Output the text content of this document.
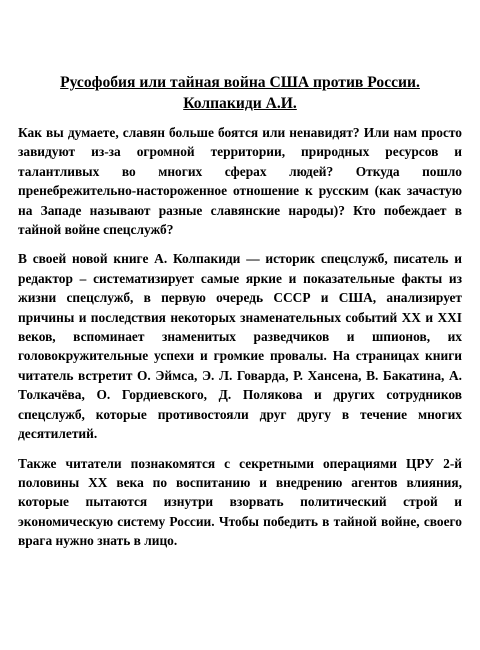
Русофобия или тайная война США против России.
Колпакиди А.И.

Как вы думаете, славян больше боятся или ненавидят? Или нам просто завидуют из-за огромной территории, природных ресурсов и талантливых во многих сферах людей? Откуда пошло пренебрежительно-настороженное отношение к русским (как зачастую на Западе называют разные славянские народы)? Кто побеждает в тайной войне спецслужб?

В своей новой книге А. Колпакиди — историк спецслужб, писатель и редактор – систематизирует самые яркие и показательные факты из жизни спецслужб, в первую очередь СССР и США, анализирует причины и последствия некоторых знаменательных событий XX и XXI веков, вспоминает знаменитых разведчиков и шпионов, их головокружительные успехи и громкие провалы. На страницах книги читатель встретит О. Эймса, Э. Л. Говарда, Р. Хансена, В. Бакатина, А. Толкачёва, О. Гордиевского, Д. Полякова и других сотрудников спецслужб, которые противостояли друг другу в течение многих десятилетий.

Также читатели познакомятся с секретными операциями ЦРУ 2-й половины XX века по воспитанию и внедрению агентов влияния, которые пытаются изнутри взорвать политический строй и экономическую систему России. Чтобы победить в тайной войне, своего врага нужно знать в лицо.
